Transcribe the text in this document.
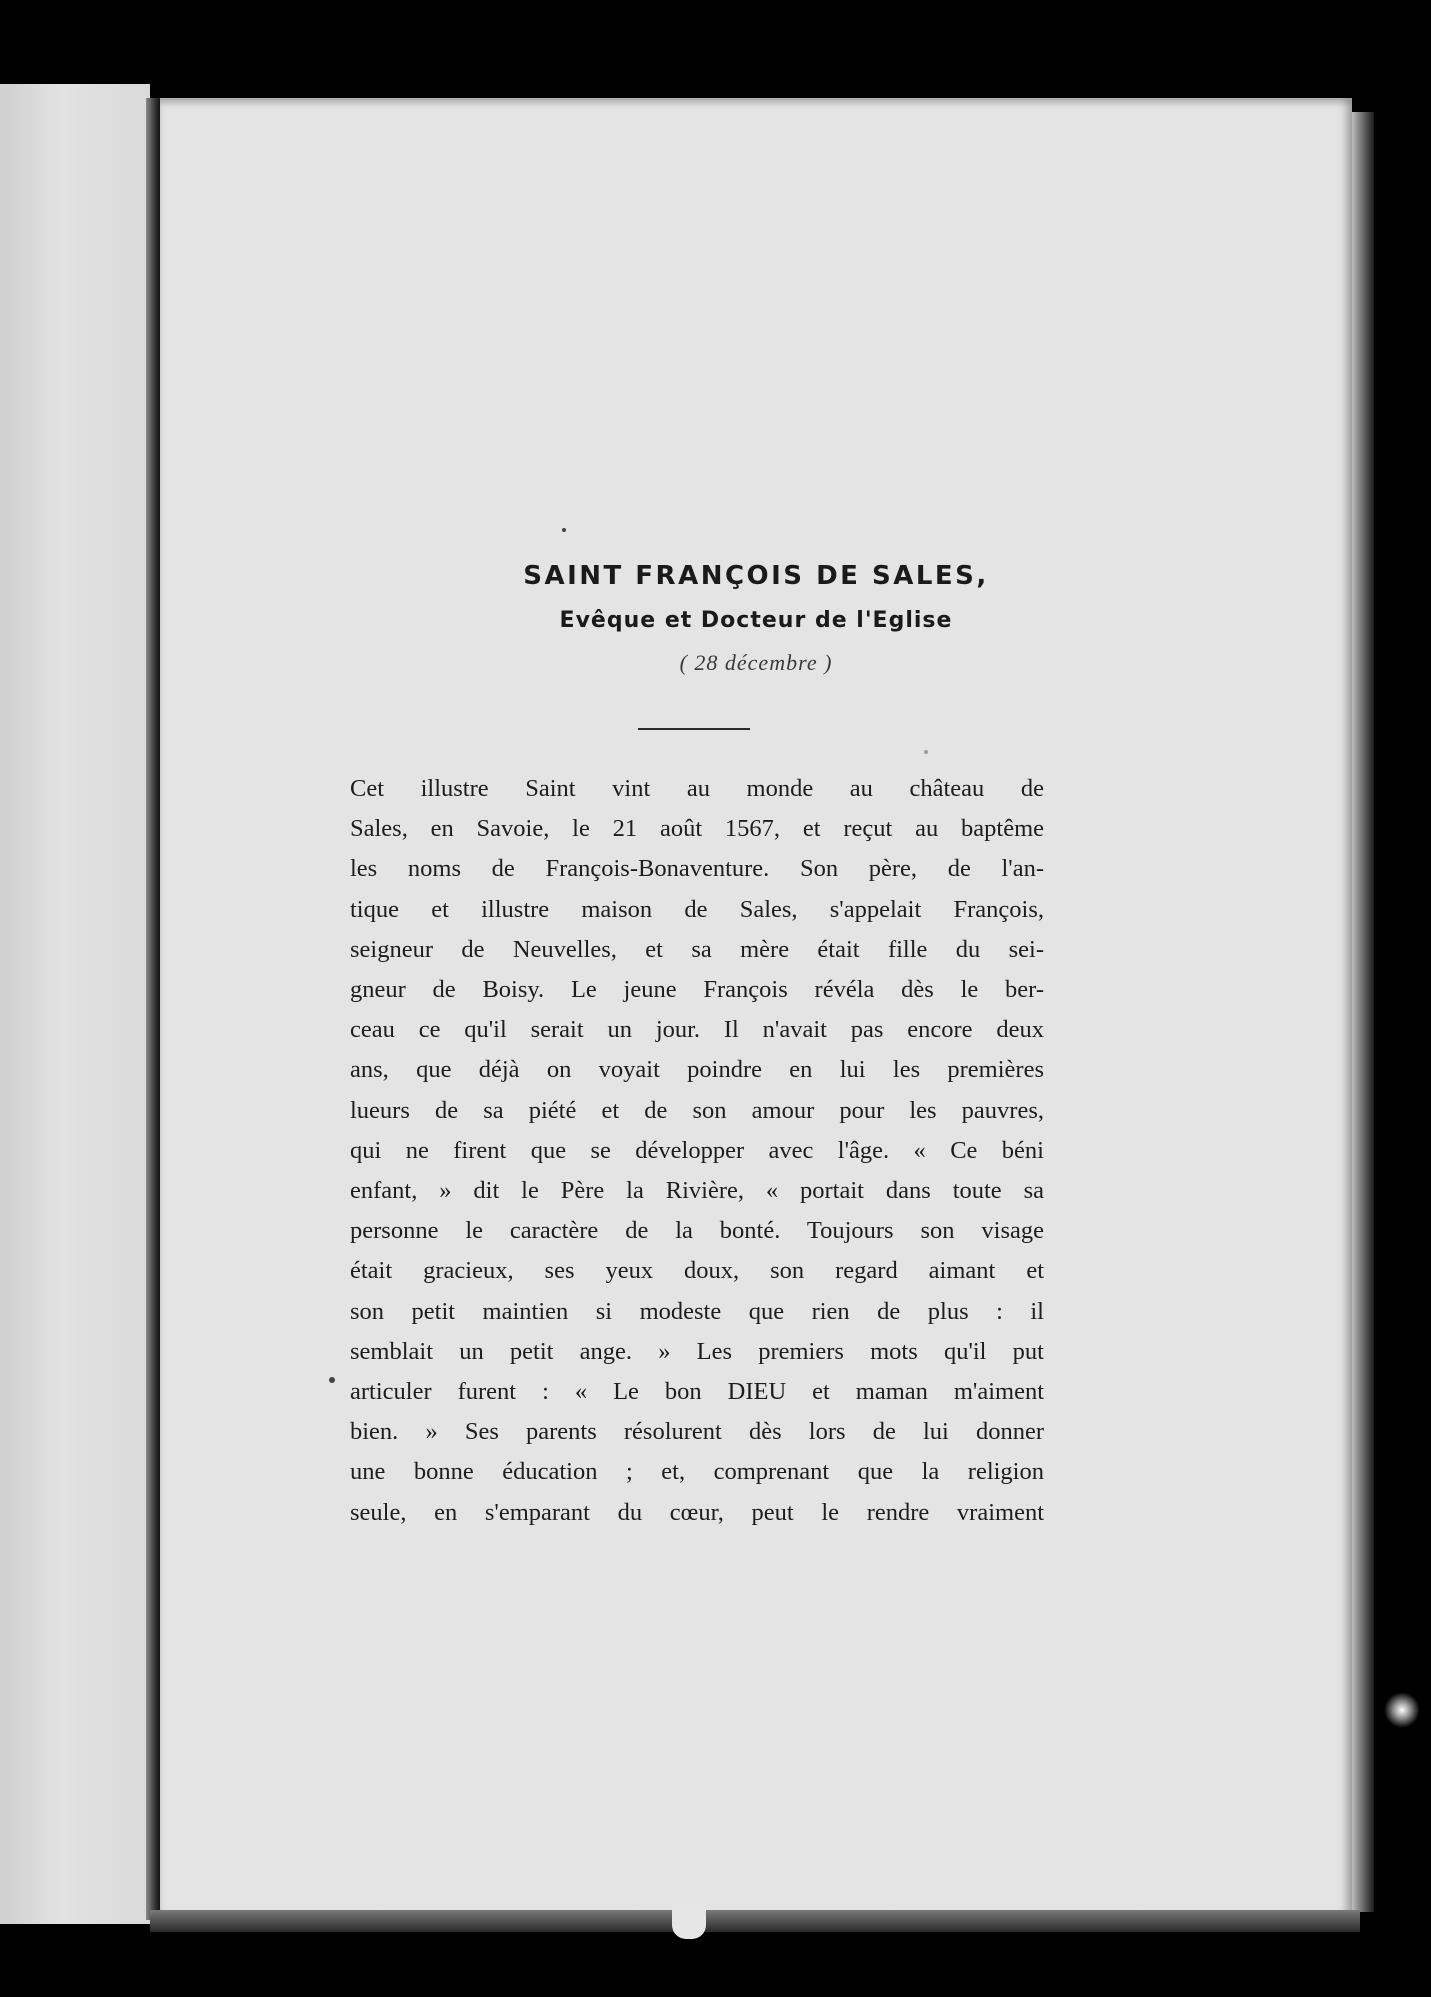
SAINT FRANÇOIS DE SALES,
Evêque et Docteur de l'Eglise
( 28 décembre )
Cet illustre Saint vint au monde au château de
Sales, en Savoie, le 21 août 1567, et reçut au baptême
les noms de François-Bonaventure. Son père, de l'an-
tique et illustre maison de Sales, s'appelait François,
seigneur de Neuvelles, et sa mère était fille du sei-
gneur de Boisy. Le jeune François révéla dès le ber-
ceau ce qu'il serait un jour. Il n'avait pas encore deux
ans, que déjà on voyait poindre en lui les premières
lueurs de sa piété et de son amour pour les pauvres,
qui ne firent que se développer avec l'âge. « Ce béni
enfant, » dit le Père la Rivière, « portait dans toute sa
personne le caractère de la bonté. Toujours son visage
était gracieux, ses yeux doux, son regard aimant et
son petit maintien si modeste que rien de plus : il
semblait un petit ange. » Les premiers mots qu'il put
articuler furent : « Le bon DIEU et maman m'aiment
bien. » Ses parents résolurent dès lors de lui donner
une bonne éducation ; et, comprenant que la religion
seule, en s'emparant du cœur, peut le rendre vraiment
